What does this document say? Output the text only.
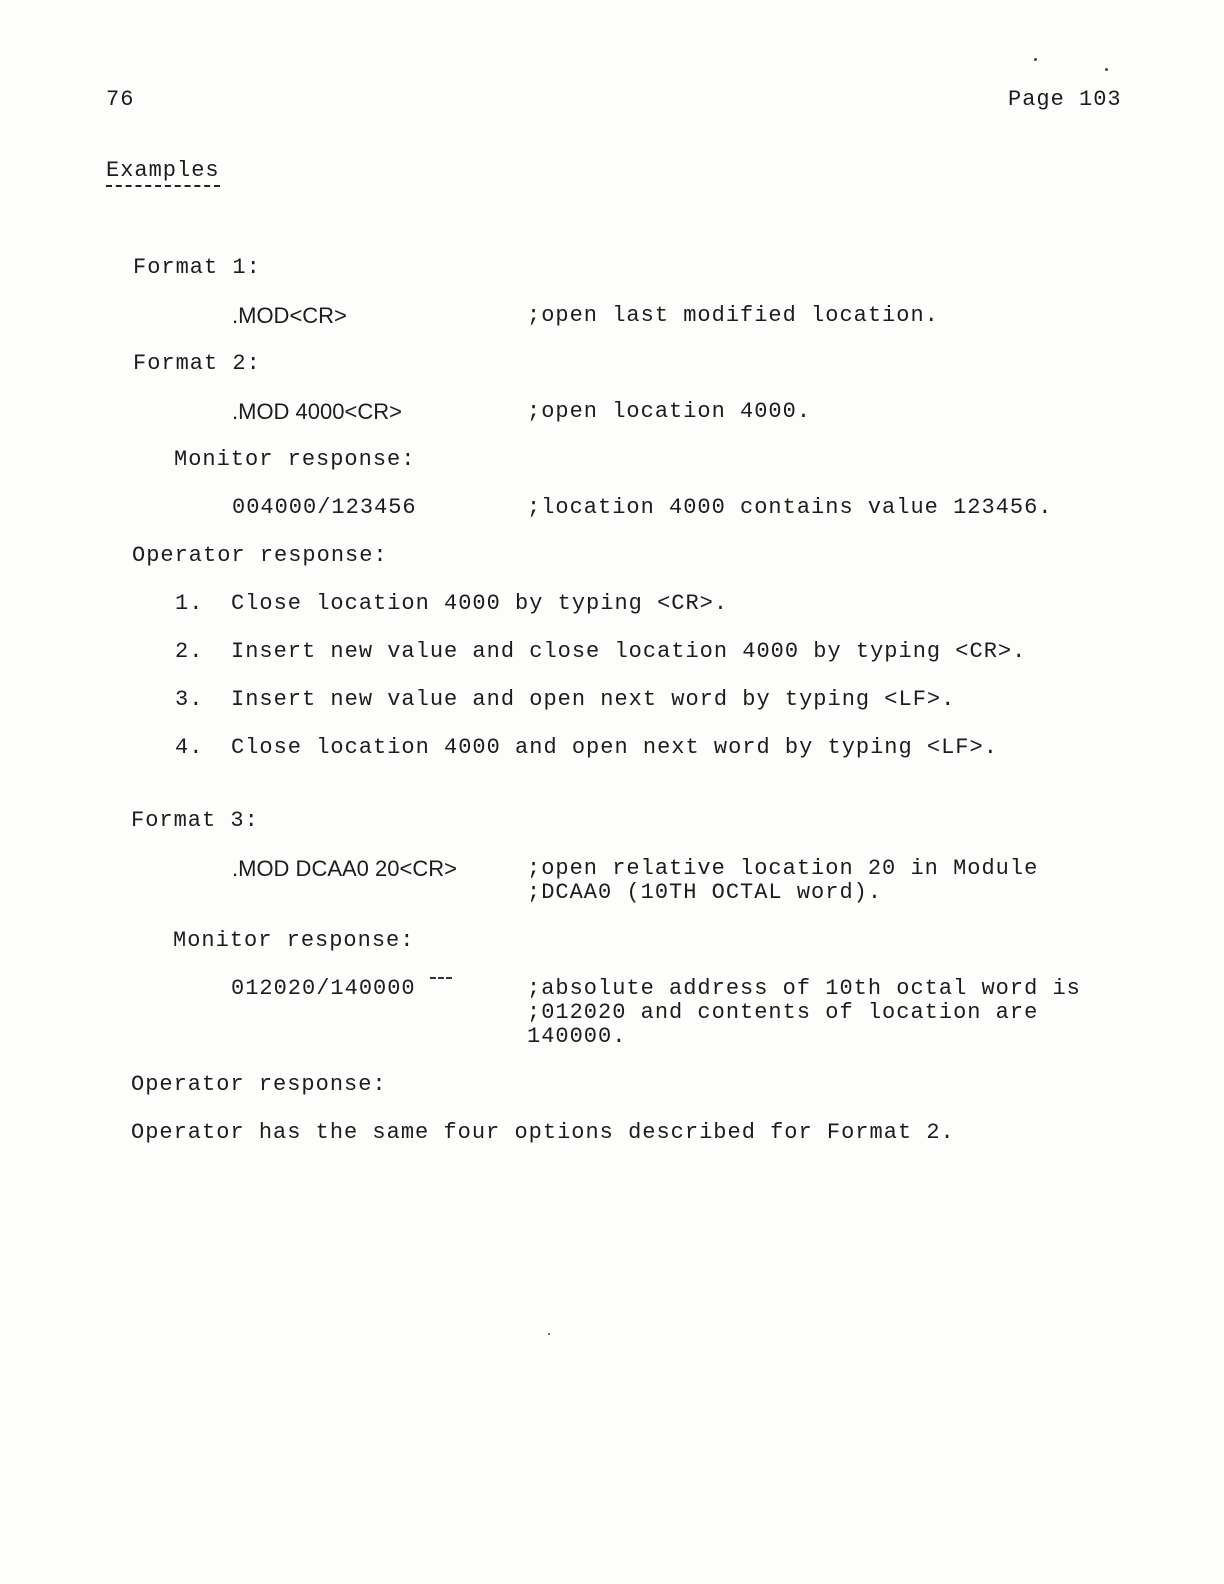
76	Page 103
Examples
Format 1:
.MOD<CR>	;open last modified location.
Format 2:
.MOD 4000<CR>	;open location 4000.
Monitor response:
004000/123456	;location 4000 contains value 123456.
Operator response:
1. Close location 4000 by typing <CR>.
2. Insert new value and close location 4000 by typing <CR>.
3. Insert new value and open next word by typing <LF>.
4. Close location 4000 and open next word by typing <LF>.
Format 3:
.MOD DCAA0 20<CR>	;open relative location 20 in Module
;DCAA0 (10TH OCTAL word).
Monitor response:
012020/140000	;absolute address of 10th octal word is
;012020 and contents of location are
140000.
Operator response:
Operator has the same four options described for Format 2.
